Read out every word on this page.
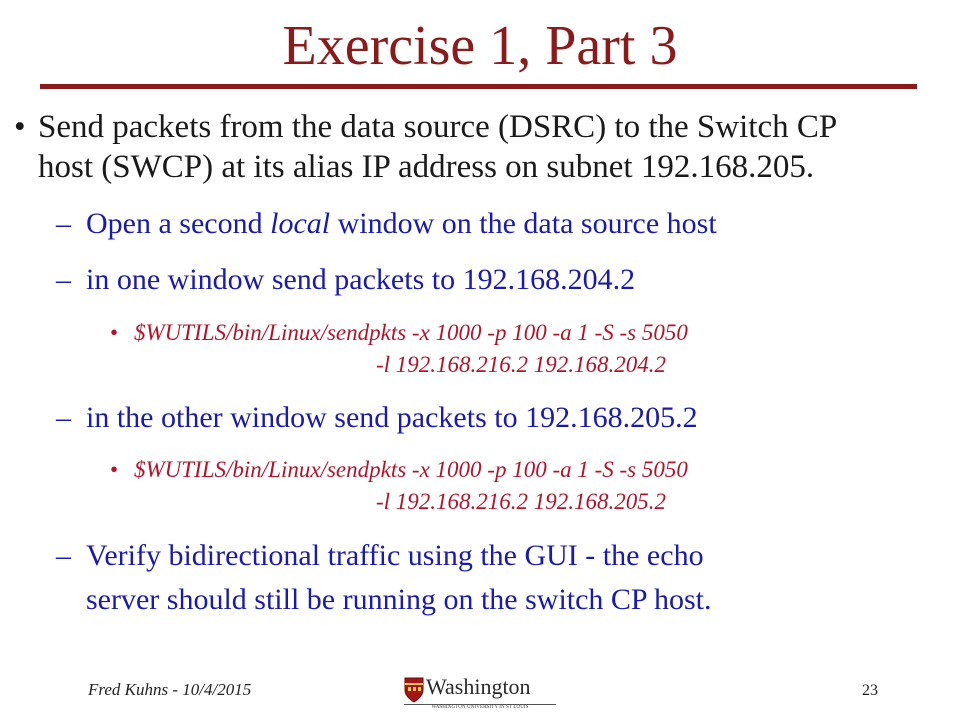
Exercise 1, Part 3
• Send packets from the data source (DSRC) to the Switch CP
host (SWCP) at its alias IP address on subnet 192.168.205.
– Open a second local window on the data source host
– in one window send packets to 192.168.204.2
• $WUTILS/bin/Linux/sendpkts -x 1000 -p 100 -a 1 -S -s 5050
-l 192.168.216.2 192.168.204.2
– in the other window send packets to 192.168.205.2
• $WUTILS/bin/Linux/sendpkts -x 1000 -p 100 -a 1 -S -s 5050
-l 192.168.216.2 192.168.205.2
– Verify bidirectional traffic using the GUI - the echo
server should still be running on the switch CP host.
Fred Kuhns - 10/4/2015	Washington
WASHINGTON UNIVERSITY IN ST LOUIS
23
